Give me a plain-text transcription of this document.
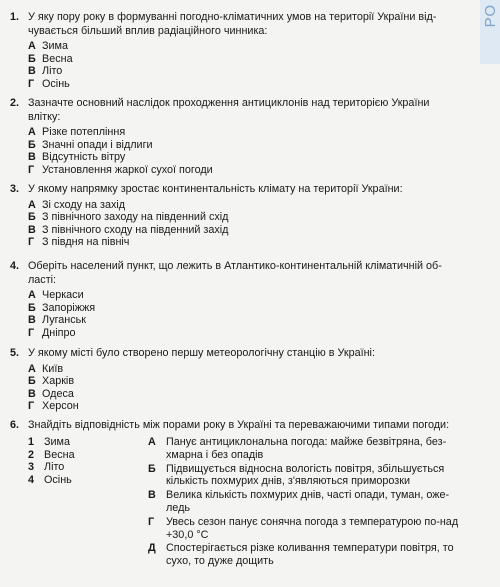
РО
1. У яку пору року в формуванні погодно-кліматичних умов на території України від-чувається більший вплив радіаційного чинника:
А Зима
Б Весна
В Літо
Г Осінь
2. Зазначте основний наслідок проходження антициклонів над територією України влітку:
А Різке потепління
Б Значні опади і відлиги
В Відсутність вітру
Г Установлення жаркої сухої погоди
3. У якому напрямку зростає континентальність клімату на території України:
А Зі сходу на захід
Б З північного заходу на південний схід
В З північного сходу на південний захід
Г З півдня на північ
4. Оберіть населений пункт, що лежить в Атлантико-континентальній кліматичній об-ласті:
А Черкаси
Б Запоріжжя
В Луганськ
Г Дніпро
5. У якому місті було створено першу метеорологічну станцію в Україні:
А Київ
Б Харків
В Одеса
Г Херсон
6. Знайдіть відповідність між порами року в Україні та переважаючими типами погоди:
1 Зима
2 Весна
3 Літо
4 Осінь
А Панує антициклональна погода: майже безвітряна, без-хмарна і без опадів
Б Підвищується відносна вологість повітря, збільшується кількість похмурих днів, з'являються приморозки
В Велика кількість похмурих днів, часті опади, туман, оже-ледь
Г Увесь сезон панує сонячна погода з температурою по-над +30,0 °С
Д Спостерігається різке коливання температури повітря, то сухо, то дуже дощить
